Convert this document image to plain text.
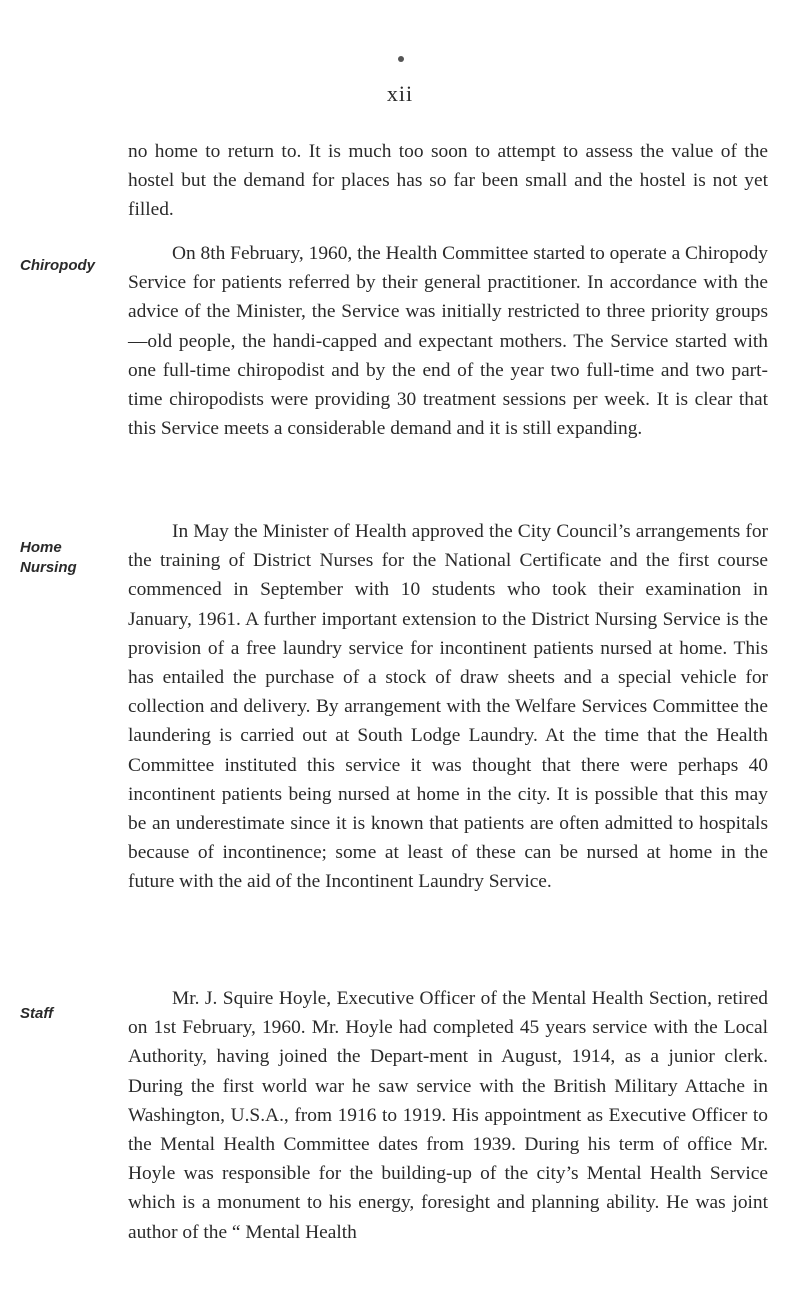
xii
Chiropody
Home
Nursing
Staff

no home to return to. It is much too soon to attempt to assess the value of the hostel but the demand for places has so far been small and the hostel is not yet filled.

On 8th February, 1960, the Health Committee started to operate a Chiropody Service for patients referred by their general practitioner. In accordance with the advice of the Minister, the Service was initially restricted to three priority groups—old people, the handi-capped and expectant mothers. The Service started with one full-time chiropodist and by the end of the year two full-time and two part-time chiropodists were providing 30 treatment sessions per week. It is clear that this Service meets a considerable demand and it is still expanding.

In May the Minister of Health approved the City Council’s arrangements for the training of District Nurses for the National Certificate and the first course commenced in September with 10 students who took their examination in January, 1961. A further important extension to the District Nursing Service is the provision of a free laundry service for incontinent patients nursed at home. This has entailed the purchase of a stock of draw sheets and a special vehicle for collection and delivery. By arrangement with the Welfare Services Committee the laundering is carried out at South Lodge Laundry. At the time that the Health Committee instituted this service it was thought that there were perhaps 40 incontinent patients being nursed at home in the city. It is possible that this may be an underestimate since it is known that patients are often admitted to hospitals because of incontinence; some at least of these can be nursed at home in the future with the aid of the Incontinent Laundry Service.

Mr. J. Squire Hoyle, Executive Officer of the Mental Health Section, retired on 1st February, 1960. Mr. Hoyle had completed 45 years service with the Local Authority, having joined the Depart-ment in August, 1914, as a junior clerk. During the first world war he saw service with the British Military Attache in Washington, U.S.A., from 1916 to 1919. His appointment as Executive Officer to the Mental Health Committee dates from 1939. During his term of office Mr. Hoyle was responsible for the building-up of the city’s Mental Health Service which is a monument to his energy, foresight and planning ability. He was joint author of the “ Mental Health
